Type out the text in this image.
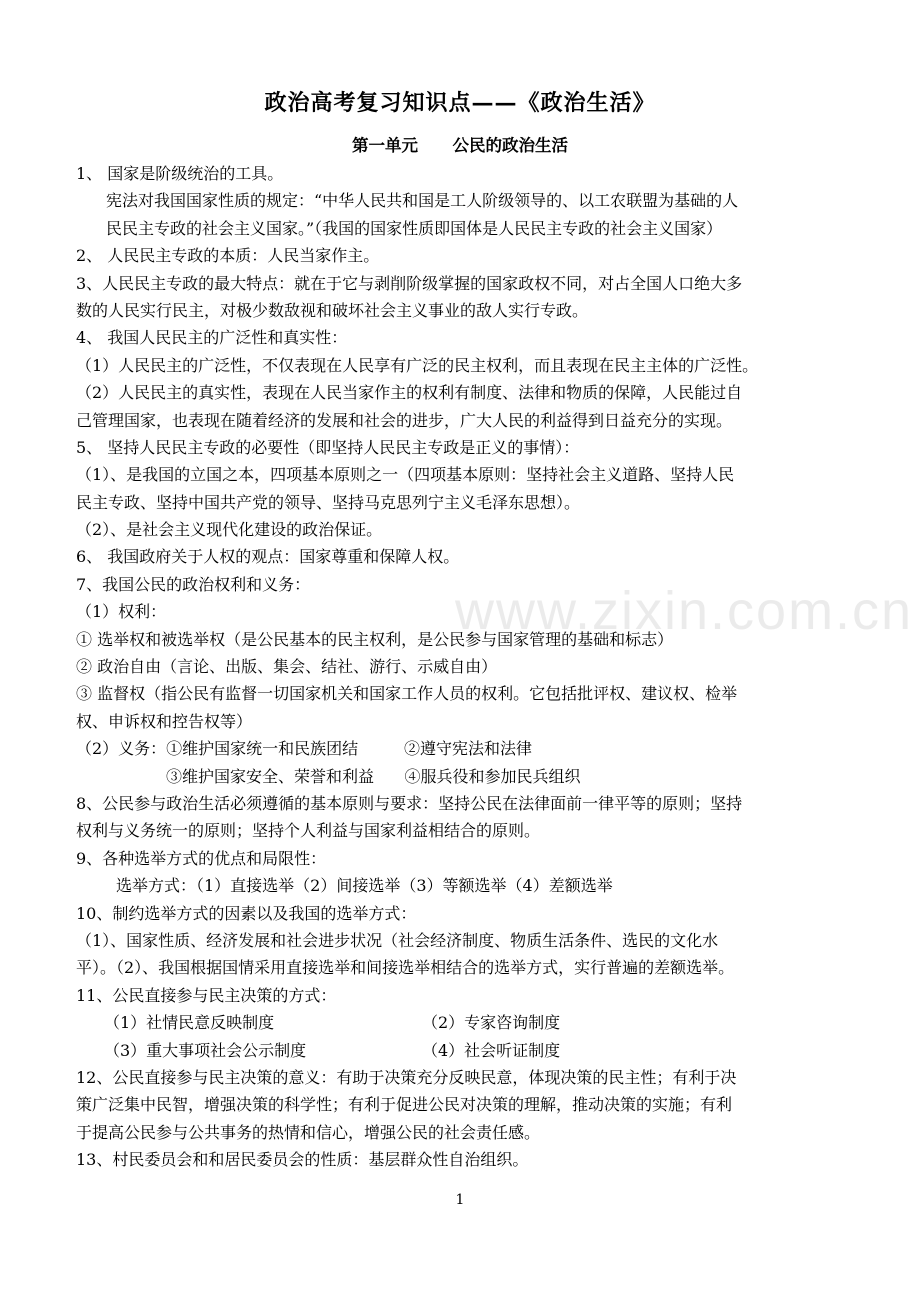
www.zixin.com.cn
政治高考复习知识点——《政治生活》
第一单元      公民的政治生活
1、 国家是阶级统治的工具。
宪法对我国国家性质的规定：“中华人民共和国是工人阶级领导的、以工农联盟为基础的人
民民主专政的社会主义国家。”（我国的国家性质即国体是人民民主专政的社会主义国家）
2、 人民民主专政的本质：人民当家作主。
3、人民民主专政的最大特点：就在于它与剥削阶级掌握的国家政权不同，对占全国人口绝大多
数的人民实行民主，对极少数敌视和破坏社会主义事业的敌人实行专政。
4、 我国人民民主的广泛性和真实性：
（1）人民民主的广泛性，不仅表现在人民享有广泛的民主权利，而且表现在民主主体的广泛性。
（2）人民民主的真实性，表现在人民当家作主的权利有制度、法律和物质的保障，人民能过自
己管理国家，也表现在随着经济的发展和社会的进步，广大人民的利益得到日益充分的实现。
5、 坚持人民民主专政的必要性（即坚持人民民主专政是正义的事情）：
（1）、是我国的立国之本，四项基本原则之一（四项基本原则：坚持社会主义道路、坚持人民
民主专政、坚持中国共产党的领导、坚持马克思列宁主义毛泽东思想）。
（2）、是社会主义现代化建设的政治保证。
6、 我国政府关于人权的观点：国家尊重和保障人权。
7、我国公民的政治权利和义务：
（1）权利：
① 选举权和被选举权（是公民基本的民主权利，是公民参与国家管理的基础和标志）
② 政治自由（言论、出版、集会、结社、游行、示威自由）
③ 监督权（指公民有监督一切国家机关和国家工作人员的权利。它包括批评权、建议权、检举
权、申诉权和控告权等）
（2）义务：①维护国家统一和民族团结         ②遵守宪法和法律
③维护国家安全、荣誉和利益      ④服兵役和参加民兵组织
8、公民参与政治生活必须遵循的基本原则与要求：坚持公民在法律面前一律平等的原则；坚持
权利与义务统一的原则；坚持个人利益与国家利益相结合的原则。
9、各种选举方式的优点和局限性：
选举方式：（1）直接选举（2）间接选举（3）等额选举（4）差额选举
10、制约选举方式的因素以及我国的选举方式：
（1）、国家性质、经济发展和社会进步状况（社会经济制度、物质生活条件、选民的文化水
平）。（2）、我国根据国情采用直接选举和间接选举相结合的选举方式，实行普遍的差额选举。
11、公民直接参与民主决策的方式：
（1）社情民意反映制度	（2）专家咨询制度
（3）重大事项社会公示制度	（4）社会听证制度
12、公民直接参与民主决策的意义：有助于决策充分反映民意，体现决策的民主性；有利于决
策广泛集中民智，增强决策的科学性；有利于促进公民对决策的理解，推动决策的实施；有利
于提高公民参与公共事务的热情和信心，增强公民的社会责任感。
13、村民委员会和和居民委员会的性质：基层群众性自治组织。
1
